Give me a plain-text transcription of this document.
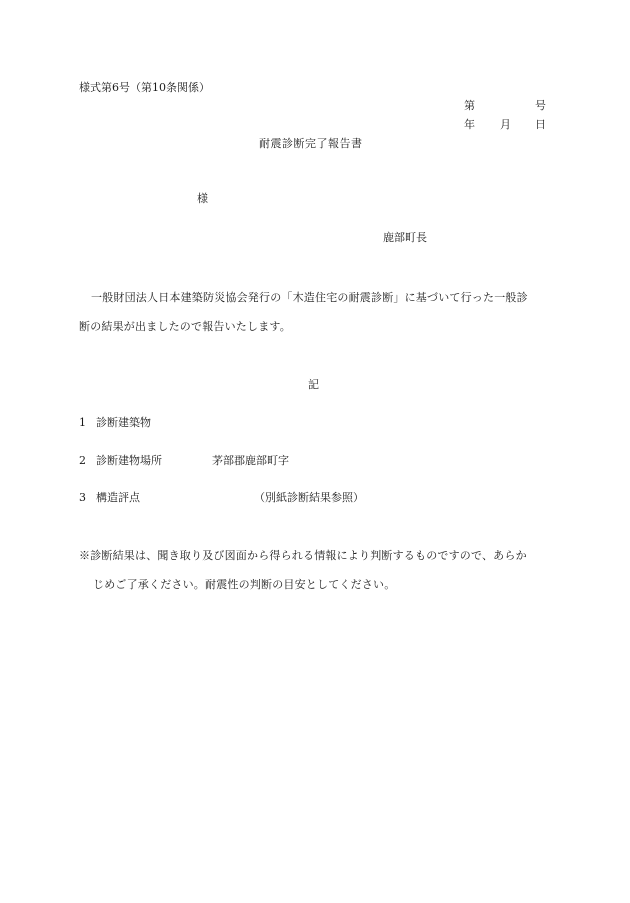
様式第6号（第10条関係）
第	号
年 月 日
耐震診断完了報告書
様
鹿部町長
一般財団法人日本建築防災協会発行の「木造住宅の耐震診断」に基づいて行った一般診
断の結果が出ましたので報告いたします。
記
1 診断建築物
2 診断建物場所	茅部郡鹿部町字
3 構造評点	（別紙診断結果参照）
※診断結果は、聞き取り及び図面から得られる情報により判断するものですので、あらか
じめご了承ください。耐震性の判断の目安としてください。
